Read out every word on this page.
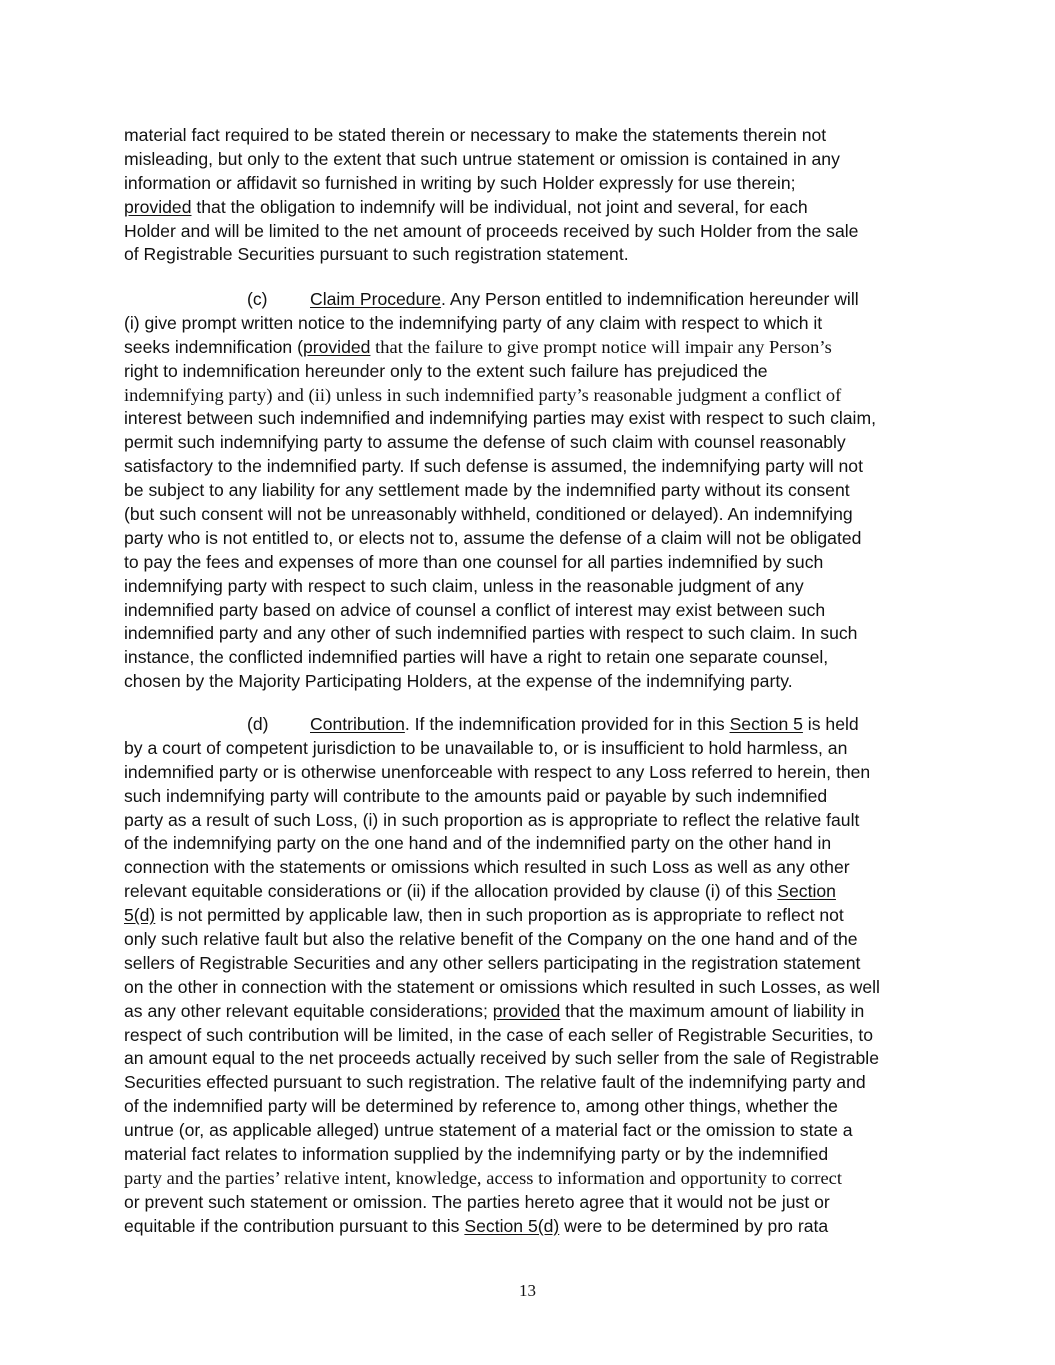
material fact required to be stated therein or necessary to make the statements therein not
misleading, but only to the extent that such untrue statement or omission is contained in any
information or affidavit so furnished in writing by such Holder expressly for use therein;
provided that the obligation to indemnify will be individual, not joint and several, for each
Holder and will be limited to the net amount of proceeds received by such Holder from the sale
of Registrable Securities pursuant to such registration statement.
(c) Claim Procedure. Any Person entitled to indemnification hereunder will
(i) give prompt written notice to the indemnifying party of any claim with respect to which it
seeks indemnification (provided that the failure to give prompt notice will impair any Person’s
right to indemnification hereunder only to the extent such failure has prejudiced the
indemnifying party) and (ii) unless in such indemnified party’s reasonable judgment a conflict of
interest between such indemnified and indemnifying parties may exist with respect to such claim,
permit such indemnifying party to assume the defense of such claim with counsel reasonably
satisfactory to the indemnified party. If such defense is assumed, the indemnifying party will not
be subject to any liability for any settlement made by the indemnified party without its consent
(but such consent will not be unreasonably withheld, conditioned or delayed). An indemnifying
party who is not entitled to, or elects not to, assume the defense of a claim will not be obligated
to pay the fees and expenses of more than one counsel for all parties indemnified by such
indemnifying party with respect to such claim, unless in the reasonable judgment of any
indemnified party based on advice of counsel a conflict of interest may exist between such
indemnified party and any other of such indemnified parties with respect to such claim. In such
instance, the conflicted indemnified parties will have a right to retain one separate counsel,
chosen by the Majority Participating Holders, at the expense of the indemnifying party.
(d) Contribution. If the indemnification provided for in this Section 5 is held
by a court of competent jurisdiction to be unavailable to, or is insufficient to hold harmless, an
indemnified party or is otherwise unenforceable with respect to any Loss referred to herein, then
such indemnifying party will contribute to the amounts paid or payable by such indemnified
party as a result of such Loss, (i) in such proportion as is appropriate to reflect the relative fault
of the indemnifying party on the one hand and of the indemnified party on the other hand in
connection with the statements or omissions which resulted in such Loss as well as any other
relevant equitable considerations or (ii) if the allocation provided by clause (i) of this Section
5(d) is not permitted by applicable law, then in such proportion as is appropriate to reflect not
only such relative fault but also the relative benefit of the Company on the one hand and of the
sellers of Registrable Securities and any other sellers participating in the registration statement
on the other in connection with the statement or omissions which resulted in such Losses, as well
as any other relevant equitable considerations; provided that the maximum amount of liability in
respect of such contribution will be limited, in the case of each seller of Registrable Securities, to
an amount equal to the net proceeds actually received by such seller from the sale of Registrable
Securities effected pursuant to such registration. The relative fault of the indemnifying party and
of the indemnified party will be determined by reference to, among other things, whether the
untrue (or, as applicable alleged) untrue statement of a material fact or the omission to state a
material fact relates to information supplied by the indemnifying party or by the indemnified
party and the parties’ relative intent, knowledge, access to information and opportunity to correct
or prevent such statement or omission. The parties hereto agree that it would not be just or
equitable if the contribution pursuant to this Section 5(d) were to be determined by pro rata
13
